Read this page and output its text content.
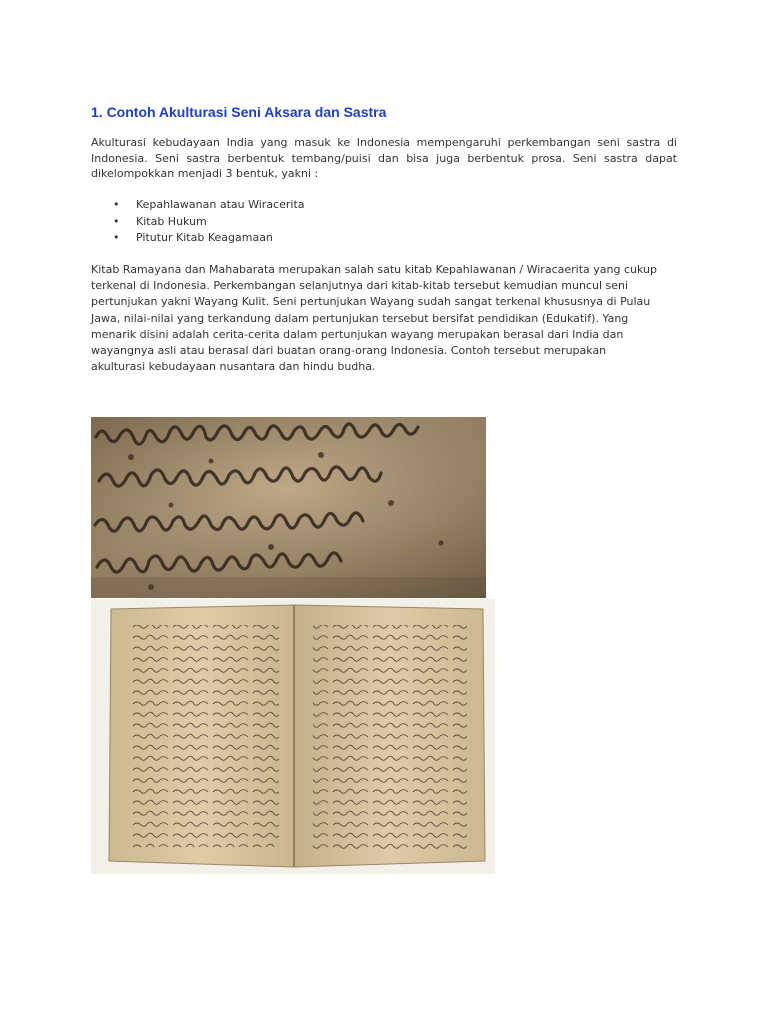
1. Contoh Akulturasi Seni Aksara dan Sastra

Akulturasi kebudayaan India yang masuk ke Indonesia mempengaruhi perkembangan seni sastra di Indonesia. Seni sastra berbentuk tembang/puisi dan bisa juga berbentuk prosa. Seni sastra dapat dikelompokkan menjadi 3 bentuk, yakni :

• Kepahlawanan atau Wiracerita
• Kitab Hukum
• Pitutur Kitab Keagamaan
Kitab Ramayana dan Mahabarata merupakan salah satu kitab Kepahlawanan / Wiracaerita yang cukup
terkenal di Indonesia. Perkembangan selanjutnya dari kitab-kitab tersebut kemudian muncul seni
pertunjukan yakni Wayang Kulit. Seni pertunjukan Wayang sudah sangat terkenal khususnya di Pulau
Jawa, nilai-nilai yang terkandung dalam pertunjukan tersebut bersifat pendidikan (Edukatif). Yang
menarik disini adalah cerita-cerita dalam pertunjukan wayang merupakan berasal dari India dan
wayangnya asli atau berasal dari buatan orang-orang Indonesia. Contoh tersebut merupakan
akulturasi kebudayaan nusantara dan hindu budha.
